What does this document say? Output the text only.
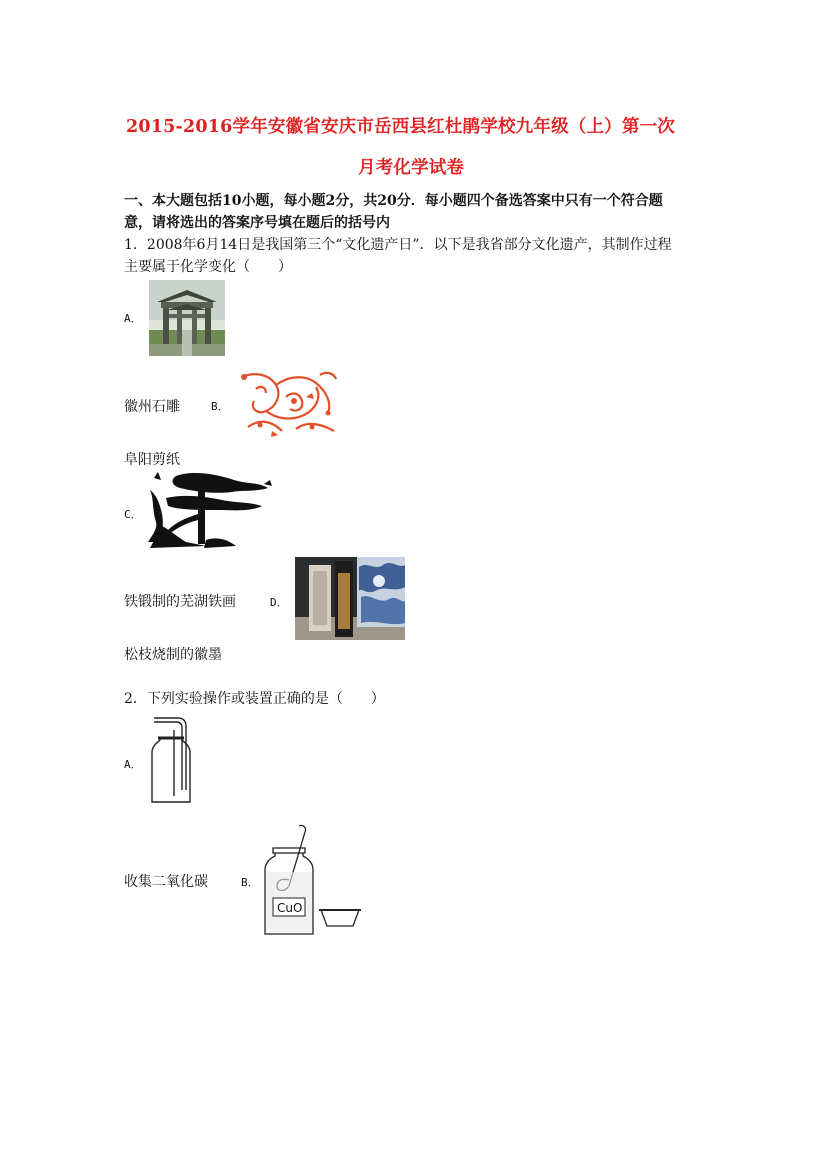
2015-2016学年安徽省安庆市岳西县红杜鹃学校九年级（上）第一次
月考化学试卷
一、本大题包括10小题，每小题2分，共20分．每小题四个备选答案中只有一个符合题
意，请将选出的答案序号填在题后的括号内
1．2008年6月14日是我国第三个“文化遗产日”．以下是我省部分文化遗产，其制作过程
主要属于化学变化（　　）
A．
徽州石雕	B．
阜阳剪纸
C．
铁锻制的芜湖铁画	D．
松枝烧制的徽墨
2．下列实验操作或装置正确的是（　　）
A．
收集二氧化碳	B．
CuO
